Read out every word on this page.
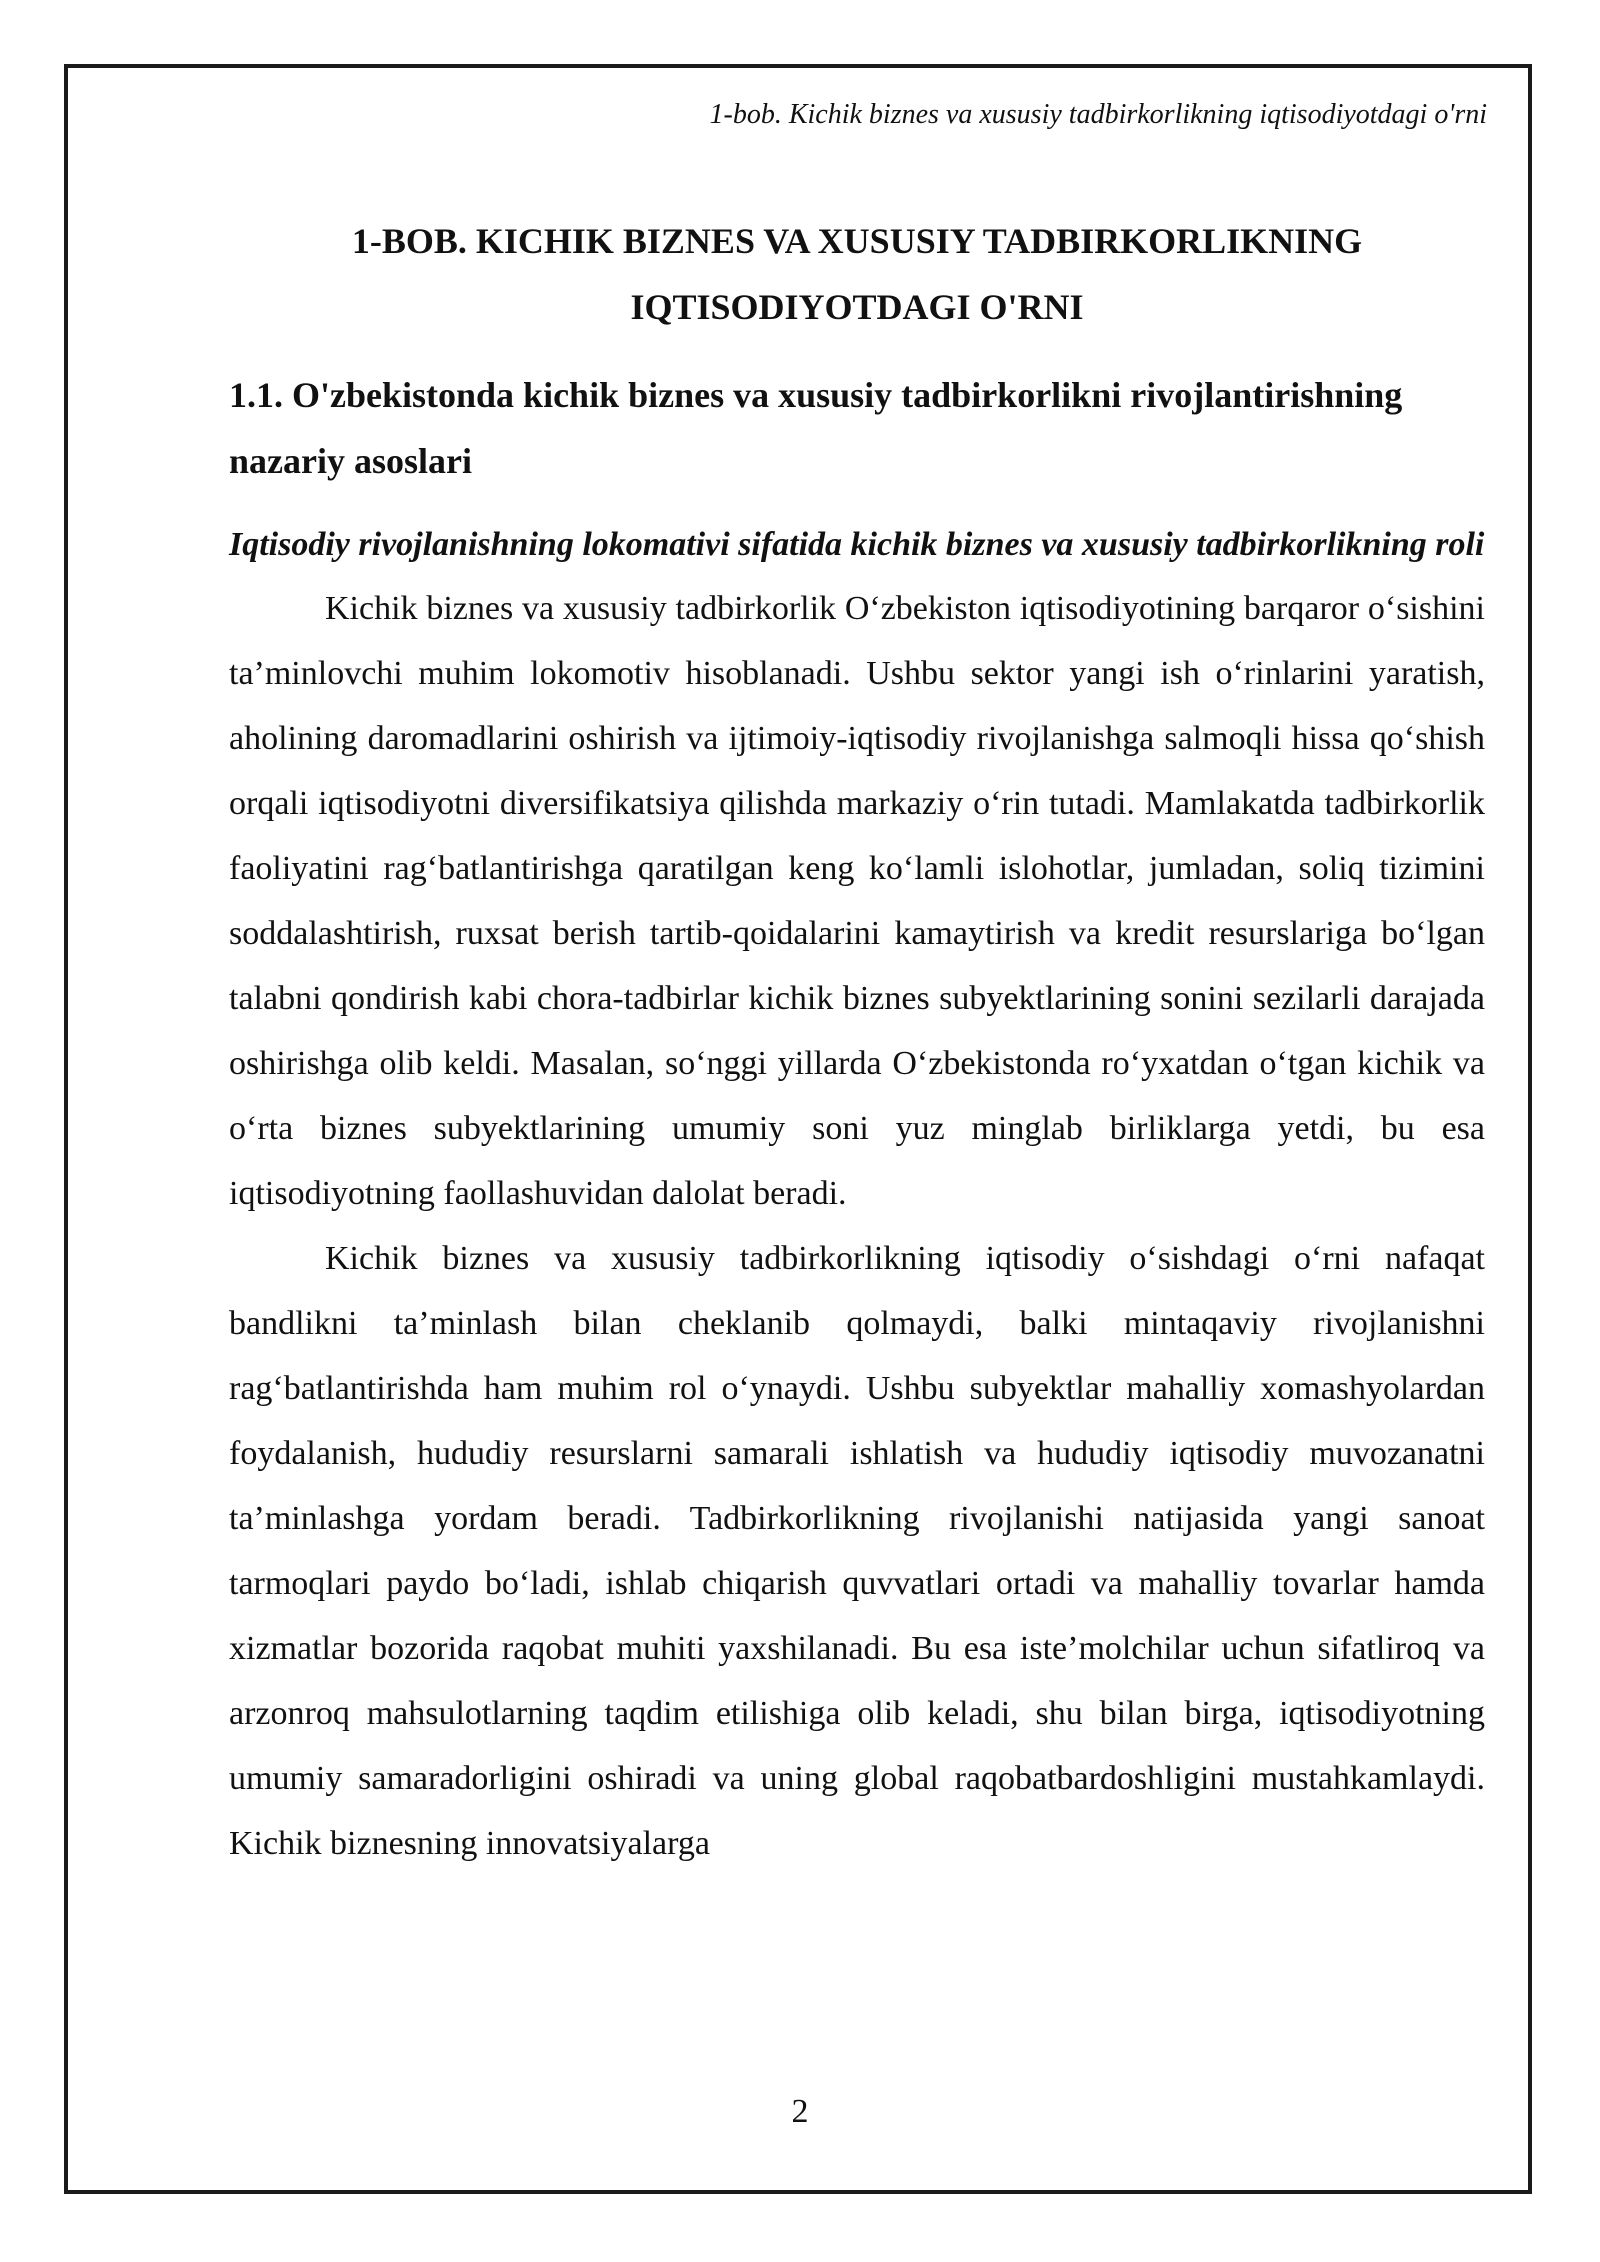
1-bob. Kichik biznes va xususiy tadbirkorlikning iqtisodiyotdagi o'rni
1-BOB. KICHIK BIZNES VA XUSUSIY TADBIRKORLIKNING IQTISODIYOTDAGI O'RNI
1.1. O'zbekistonda kichik biznes va xususiy tadbirkorlikni rivojlantirishning nazariy asoslari
Iqtisodiy rivojlanishning lokomativi sifatida kichik biznes va xususiy tadbirkorlikning roli

Kichik biznes va xususiy tadbirkorlik O‘zbekiston iqtisodiyotining barqaror o‘sishini ta’minlovchi muhim lokomotiv hisoblanadi. Ushbu sektor yangi ish o‘rinlarini yaratish, aholining daromadlarini oshirish va ijtimoiy-iqtisodiy rivojlanishga salmoqli hissa qo‘shish orqali iqtisodiyotni diversifikatsiya qilishda markaziy o‘rin tutadi. Mamlakatda tadbirkorlik faoliyatini rag‘batlantirishga qaratilgan keng ko‘lamli islohotlar, jumladan, soliq tizimini soddalashtirish, ruxsat berish tartib-qoidalarini kamaytirish va kredit resurslariga bo‘lgan talabni qondirish kabi chora-tadbirlar kichik biznes subyektlarining sonini sezilarli darajada oshirishga olib keldi. Masalan, so‘nggi yillarda O‘zbekistonda ro‘yxatdan o‘tgan kichik va o‘rta biznes subyektlarining umumiy soni yuz minglab birliklarga yetdi, bu esa iqtisodiyotning faollashuvidan dalolat beradi.

Kichik biznes va xususiy tadbirkorlikning iqtisodiy o‘sishdagi o‘rni nafaqat bandlikni ta’minlash bilan cheklanib qolmaydi, balki mintaqaviy rivojlanishni rag‘batlantirishda ham muhim rol o‘ynaydi. Ushbu subyektlar mahalliy xomashyolardan foydalanish, hududiy resurslarni samarali ishlatish va hududiy iqtisodiy muvozanatni ta’minlashga yordam beradi. Tadbirkorlikning rivojlanishi natijasida yangi sanoat tarmoqlari paydo bo‘ladi, ishlab chiqarish quvvatlari ortadi va mahalliy tovarlar hamda xizmatlar bozorida raqobat muhiti yaxshilanadi. Bu esa iste’molchilar uchun sifatliroq va arzonroq mahsulotlarning taqdim etilishiga olib keladi, shu bilan birga, iqtisodiyotning umumiy samaradorligini oshiradi va uning global raqobatbardoshligini mustahkamlaydi. Kichik biznesning innovatsiyalarga

2
